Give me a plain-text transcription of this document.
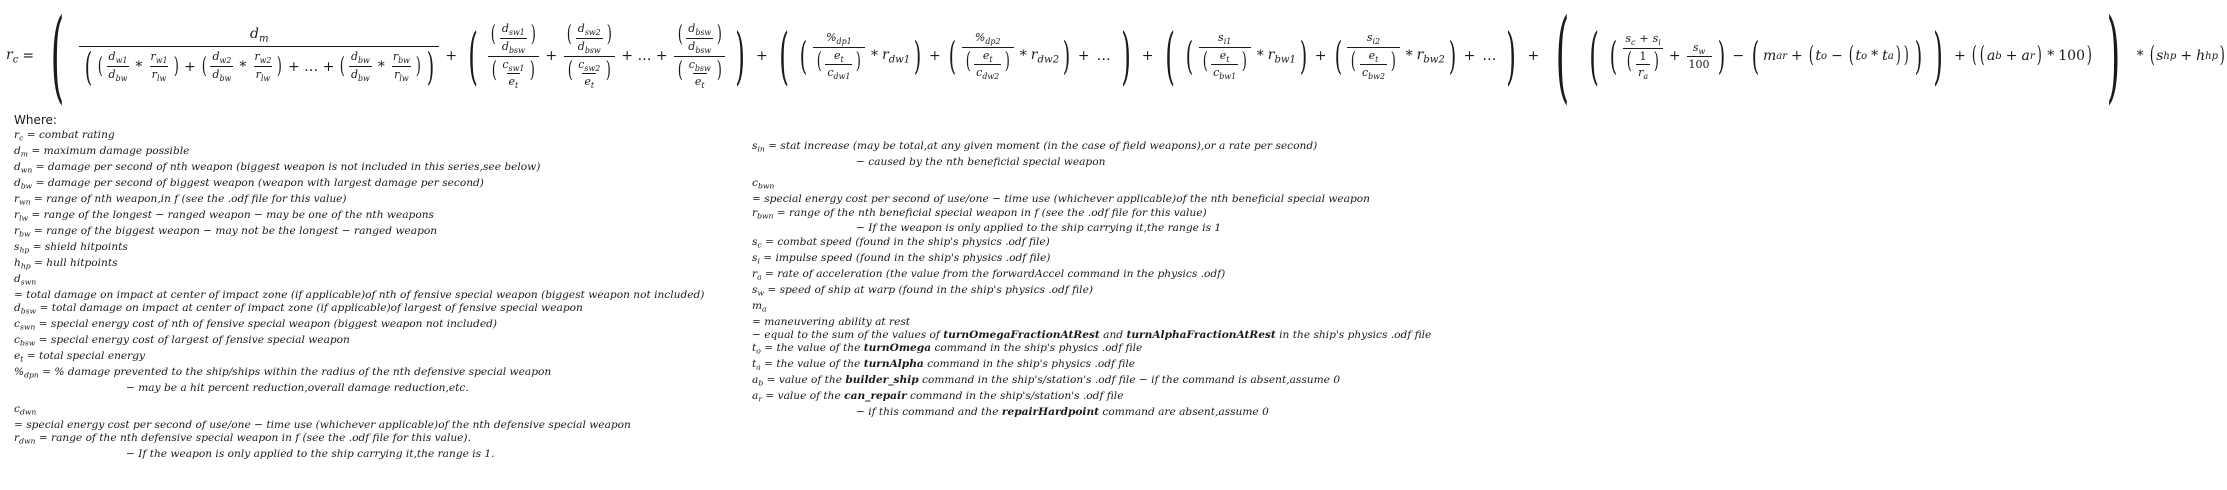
$r_c$ = (	$d_m$
( ( $\frac{d_{w1}}{d_{bw}} * \frac{r_{w1}}{r_{lw}}$ ) + ( $\frac{d_{w2}}{d_{bw}} * \frac{r_{w2}}{r_{lw}}$ ) + … + ( $\frac{d_{bw}}{d_{bw}} * \frac{r_{bw}}{r_{lw}}$ ) ) + ( $\frac{( \frac{d_{sw1}}{d_{bsw}} )}{( \frac{c_{sw1}}{e_t} )} + \frac{( \frac{d_{sw2}}{d_{bsw}} )}{( \frac{c_{sw2}}{e_t} )}$ + … + $\frac{( \frac{d_{bsw}}{d_{bsw}} )}{( \frac{c_{bsw}}{e_t} )}$ ) + ( ( $\frac{\%_{dp1}}{( \frac{e_t}{c_{dw1}} )} * r_{dw1}$ ) + ( $\frac{\%_{dp2}}{( \frac{e_t}{c_{dw2}} )} * r_{dw2}$ ) + … ) + ( ( $\frac{s_{i1}}{( \frac{e_t}{c_{bw1}} )} * r_{bw1}$ ) + ( $\frac{s_{i2}}{( \frac{e_t}{c_{bw2}} )} * r_{bw2}$ ) + … ) + ( ( ( $\frac{s_c + s_i}{( \frac{1}{r_a} )} + \frac{s_w}{100}$ ) − ( m ar + ( t o − ( t o * t a ) ) ) ) + ( ( a b + a r ) * 100 ) ) * ( s hp + h hp )
Where:
$r_c$ = combat rating
$d_m$ = maximum damage possible
$d_{wn}$ = damage per second of nth weapon (biggest weapon is not included in this series,see below)
$d_{bw}$ = damage per second of biggest weapon (weapon with largest damage per second)
$r_{wn}$ = range of nth weapon,in f (see the .odf file for this value)
$r_{lw}$ = range of the longest − ranged weapon − may be one of the nth weapons
$r_{bw}$ = range of the biggest weapon − may not be the longest − ranged weapon
$s_{hp}$ = shield hitpoints
$h_{hp}$ = hull hitpoints
$d_{swn}$
= total damage on impact at center of impact zone (if applicable)of nth of fensive special weapon (biggest weapon not included)
$d_{bsw}$ = total damage on impact at center of impact zone (if applicable)of largest of fensive special weapon
$c_{swn}$ = special energy cost of nth of fensive special weapon (biggest weapon not included)
$c_{bsw}$ = special energy cost of largest of fensive special weapon
$e_t$ = total special energy
$\%_{dpn}$ = % damage prevented to the ship/ships within the radius of the nth defensive special weapon
− may be a hit percent reduction,overall damage reduction,etc.
$c_{dwn}$
= special energy cost per second of use/one − time use (whichever applicable)of the nth defensive special weapon
$r_{dwn}$ = range of the nth defensive special weapon in f (see the .odf file for this value).
− If the weapon is only applied to the ship carrying it,the range is 1.
$s_{in}$ = stat increase (may be total,at any given moment (in the case of field weapons),or a rate per second)
− caused by the nth beneficial special weapon
$c_{bwn}$
= special energy cost per second of use/one − time use (whichever applicable)of the nth beneficial special weapon
$r_{bwn}$ = range of the nth beneficial special weapon in f (see the .odf file for this value)
− If the weapon is only applied to the ship carrying it,the range is 1
$s_c$ = combat speed (found in the ship's physics .odf file)
$s_i$ = impulse speed (found in the ship's physics .odf file)
$r_a$ = rate of acceleration (the value from the forwardAccel command in the physics .odf)
$s_w$ = speed of ship at warp (found in the ship's physics .odf file)
$m_a$
= maneuvering ability at rest
− equal to the sum of the values of turnOmegaFractionAtRest and turnAlphaFractionAtRest in the ship's physics .odf file
$t_o$ = the value of the turnOmega command in the ship's physics .odf file
$t_a$ = the value of the turnAlpha command in the ship's physics .odf file
$a_b$ = value of the builder_ship command in the ship's/station's .odf file − if the command is absent,assume 0
$a_r$ = value of the can_repair command in the ship's/station's .odf file
− if this command and the repairHardpoint command are absent,assume 0
